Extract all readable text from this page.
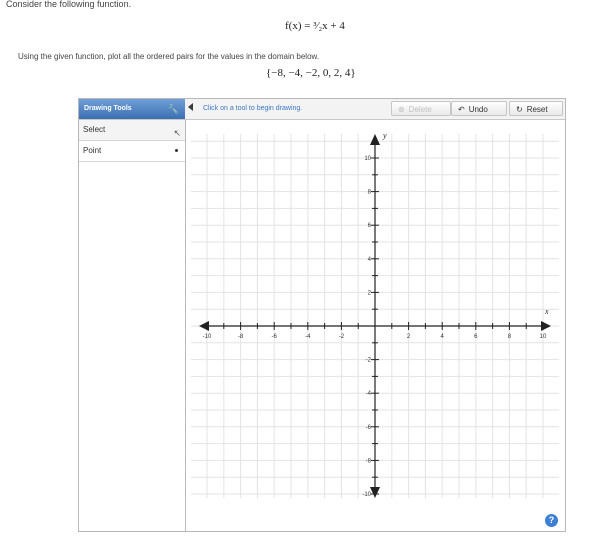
Consider the following function.
f(x) = ³⁄₂x + 4
Using the given function, plot all the ordered pairs for the values in the domain below.
{−8, −4, −2, 0, 2, 4}
Drawing Tools	🔧	Click on a tool to begin drawing.	⊗ Delete	↶ Undo	↻ Reset
Select	↖
Point
x
y
-10	-8	-6	-4	-2	2	4	6	8	10
10
8
6
4
2
-2
-4
-6
-8
-10
?
